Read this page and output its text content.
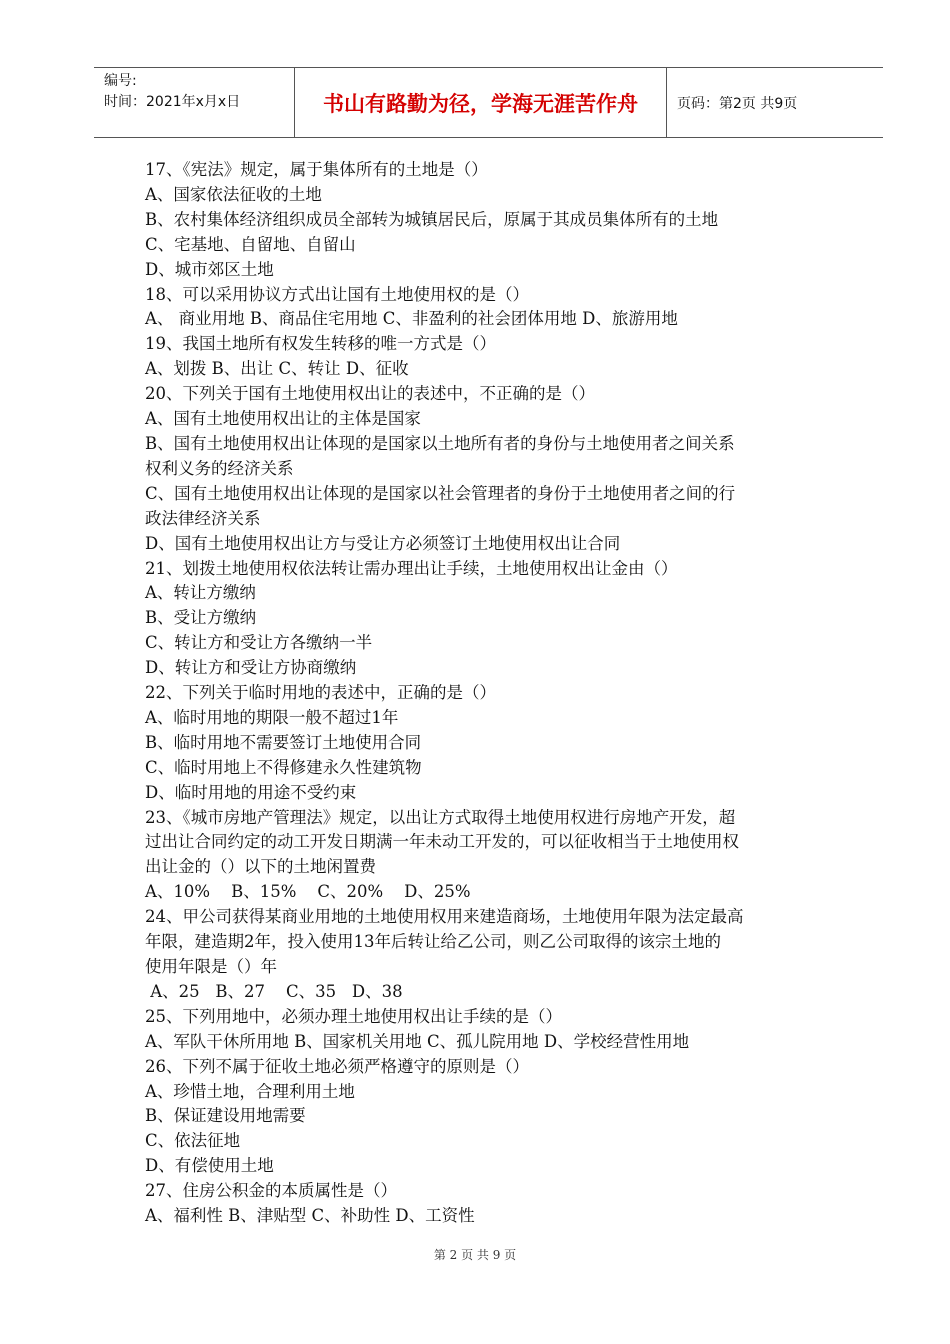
编号:
时间：2021年x月x日	书山有路勤为径，学海无涯苦作舟	页码：第2页 共9页
17、《宪法》规定，属于集体所有的土地是（）
A、国家依法征收的土地
B、农村集体经济组织成员全部转为城镇居民后，原属于其成员集体所有的土地
C、宅基地、自留地、自留山
D、城市郊区土地
18、可以采用协议方式出让国有土地使用权的是（）
A、 商业用地 B、商品住宅用地 C、非盈利的社会团体用地 D、旅游用地
19、我国土地所有权发生转移的唯一方式是（）
A、划拨 B、出让 C、转让 D、征收
20、下列关于国有土地使用权出让的表述中，不正确的是（）
A、国有土地使用权出让的主体是国家
B、国有土地使用权出让体现的是国家以土地所有者的身份与土地使用者之间关系
权利义务的经济关系
C、国有土地使用权出让体现的是国家以社会管理者的身份于土地使用者之间的行
政法律经济关系
D、国有土地使用权出让方与受让方必须签订土地使用权出让合同
21、划拨土地使用权依法转让需办理出让手续，土地使用权出让金由（）
A、转让方缴纳
B、受让方缴纳
C、转让方和受让方各缴纳一半
D、转让方和受让方协商缴纳
22、下列关于临时用地的表述中，正确的是（）
A、临时用地的期限一般不超过1年
B、临时用地不需要签订土地使用合同
C、临时用地上不得修建永久性建筑物
D、临时用地的用途不受约束
23、《城市房地产管理法》规定，以出让方式取得土地使用权进行房地产开发，超
过出让合同约定的动工开发日期满一年未动工开发的，可以征收相当于土地使用权
出让金的（）以下的土地闲置费
A、10%    B、15%    C、20%    D、25%
24、甲公司获得某商业用地的土地使用权用来建造商场，土地使用年限为法定最高
年限，建造期2年，投入使用13年后转让给乙公司，则乙公司取得的该宗土地的
使用年限是（）年
A、25   B、27    C、35   D、38
25、下列用地中，必须办理土地使用权出让手续的是（）
A、军队干休所用地 B、国家机关用地 C、孤儿院用地 D、学校经营性用地
26、下列不属于征收土地必须严格遵守的原则是（）
A、珍惜土地，合理利用土地
B、保证建设用地需要
C、依法征地
D、有偿使用土地
27、住房公积金的本质属性是（）
A、福利性 B、津贴型 C、补助性 D、工资性
第 2 页 共 9 页
